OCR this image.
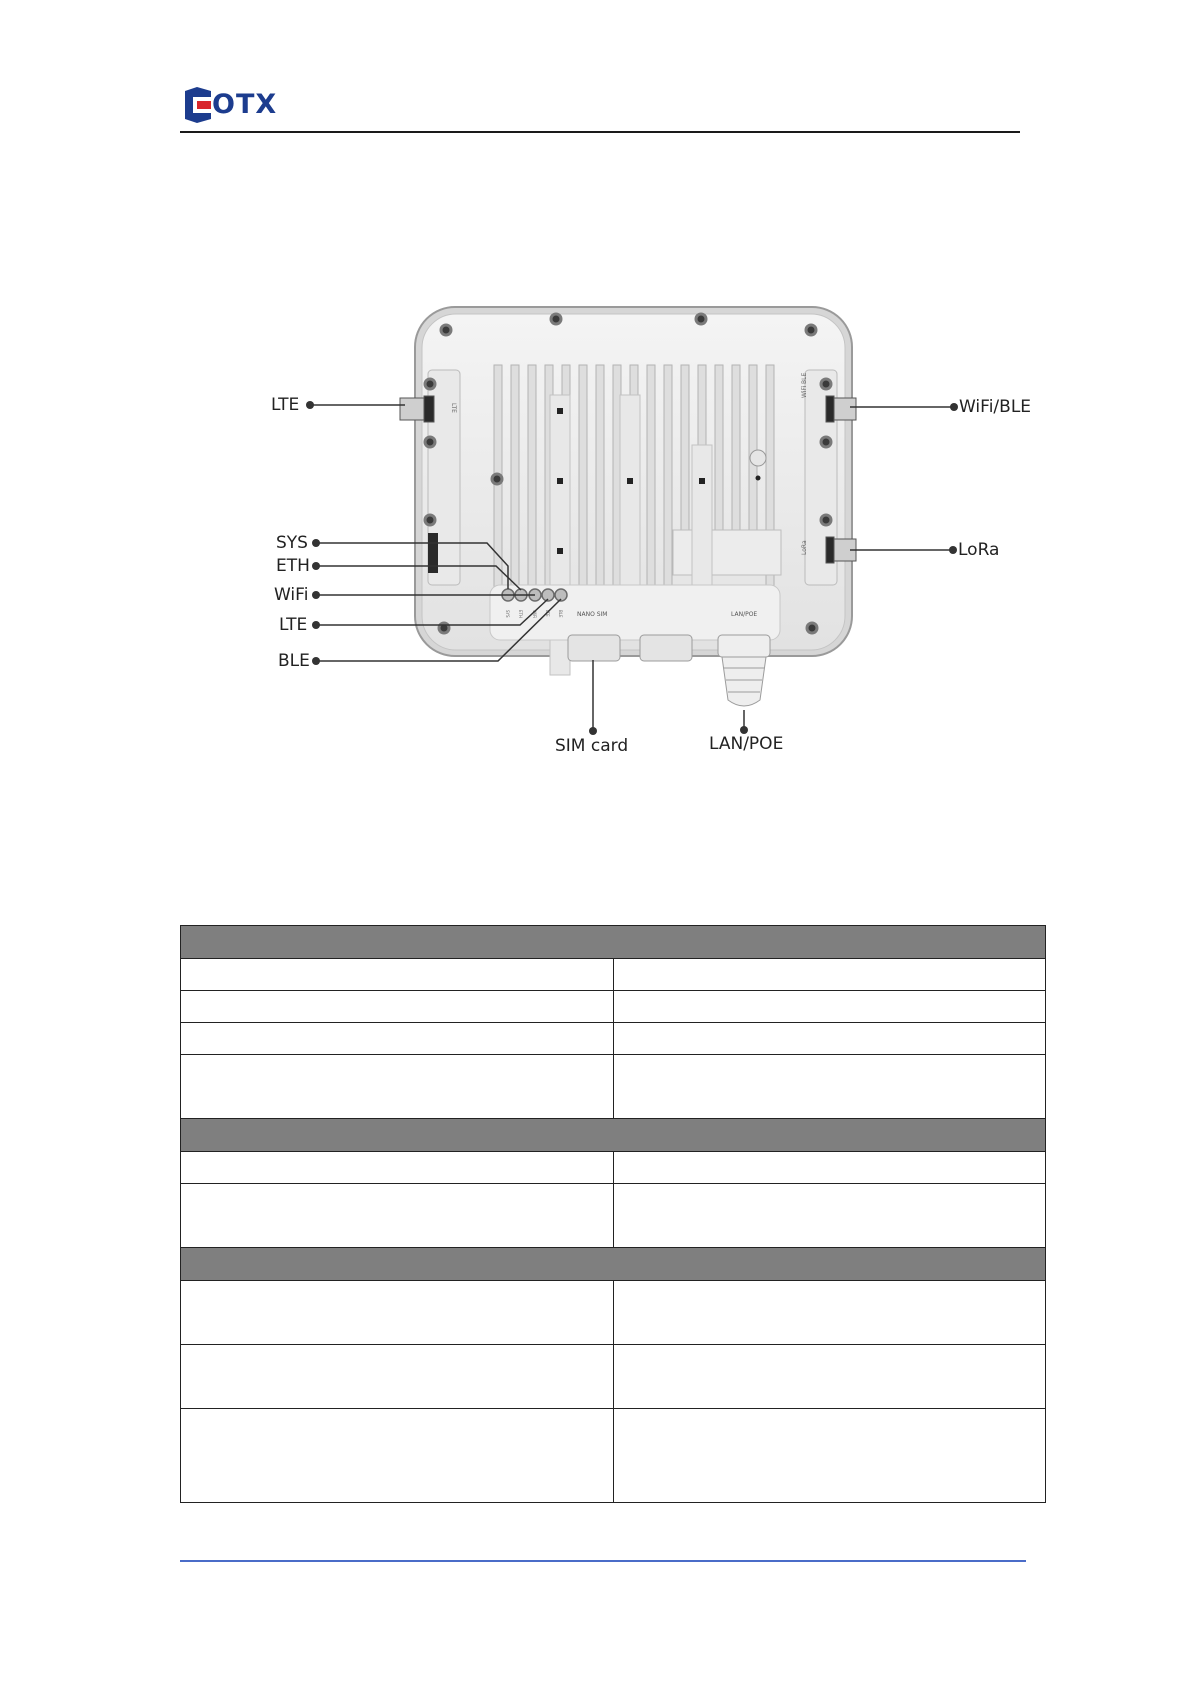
OTX
LTE
WiFi BLE
LoRa
NANO SIM	LAN/POE
SYS ETH WiFi LTE BLE
LTE	WiFi/BLE
LoRa
SYS
ETH
WiFi
LTE
BLE
SIM card	LAN/POE
